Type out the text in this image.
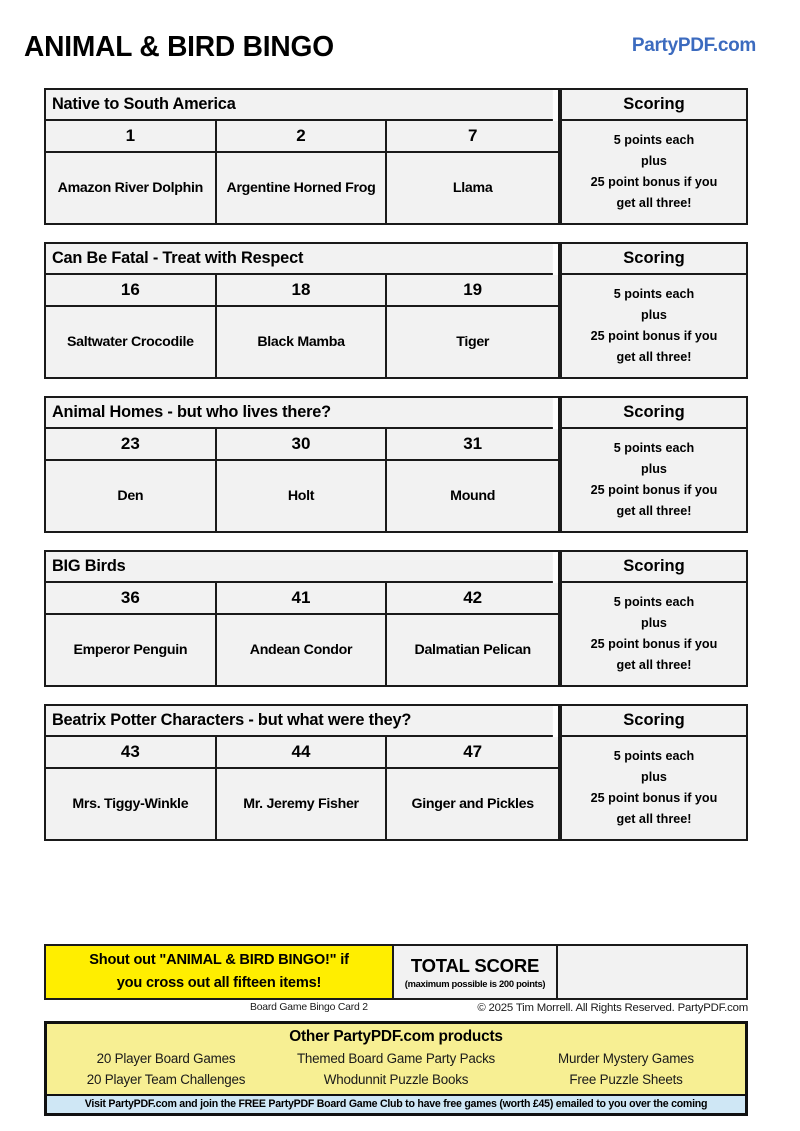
ANIMAL & BIRD BINGO	PartyPDF.com
Native to South America
1	2	7
Amazon River Dolphin	Argentine Horned Frog	Llama
Scoring
5 points each
plus
25 point bonus if you
get all three!
Can Be Fatal - Treat with Respect
16	18	19
Saltwater Crocodile	Black Mamba	Tiger
Scoring
5 points each
plus
25 point bonus if you
get all three!
Animal Homes - but who lives there?
23	30	31
Den	Holt	Mound
Scoring
5 points each
plus
25 point bonus if you
get all three!
BIG Birds
36	41	42
Emperor Penguin	Andean Condor	Dalmatian Pelican
Scoring
5 points each
plus
25 point bonus if you
get all three!
Beatrix Potter Characters - but what were they?
43	44	47
Mrs. Tiggy-Winkle	Mr. Jeremy Fisher	Ginger and Pickles
Scoring
5 points each
plus
25 point bonus if you
get all three!
Shout out "ANIMAL & BIRD BINGO!" if
you cross out all fifteen items!
TOTAL SCORE
(maximum possible is 200 points)
Board Game Bingo Card 2	© 2025 Tim Morrell. All Rights Reserved. PartyPDF.com
Other PartyPDF.com products
20 Player Board Games	Themed Board Game Party Packs	Murder Mystery Games
20 Player Team Challenges	Whodunnit Puzzle Books	Free Puzzle Sheets
Visit PartyPDF.com and join the FREE PartyPDF Board Game Club to have free games (worth £45) emailed to you over the coming
